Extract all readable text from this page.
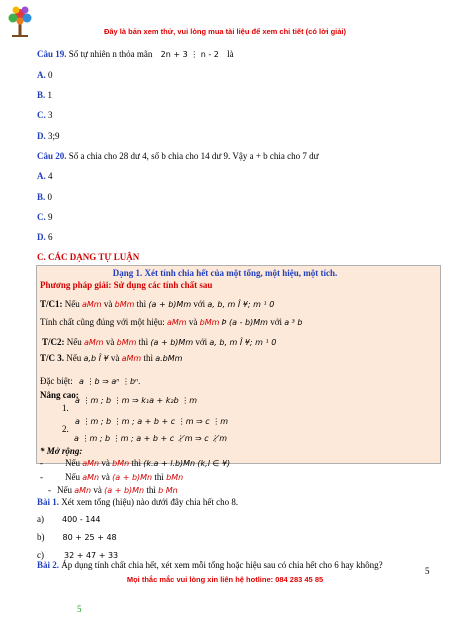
Đây là bản xem thử, vui lòng mua tài liệu để xem chi tiết (có lời giải)
Câu 19. Số tự nhiên n thỏa mãn 2n + 3 ⋮ n - 2 là
A. 0
B. 1
C. 3
D. 3;9
Câu 20. Số a chia cho 28 dư 4, số b chia cho 14 dư 9. Vậy a + b chia cho 7 dư
A. 4
B. 0
C. 9
D. 6
C. CÁC DẠNG TỰ LUẬN
Dạng 1. Xét tính chia hết của một tổng, một hiệu, một tích.
Phương pháp giải: Sử dụng các tính chất sau
T/C1: Nếu aMm và bMm thì (a + b)Mm với a, b, m Î ¥; m ¹ 0
Tính chất cũng đúng với một hiệu: aMm và bMm Þ (a - b)Mm với a ³ b
T/C2: Nếu aMm và bMm thì (a + b)Mm với a, b, m Î ¥; m ¹ 0
T/C 3. Nếu a,b Î ¥ và aMm thì a.bMm
Đặc biệt: a ⋮b ⇒ aⁿ ⋮bⁿ.
Nâng cao:
1. a ⋮m ; b ⋮m ⇒ k₁a + k₂b ⋮m
2. a ⋮m ; b ⋮m ; a + b + c ⋮m ⇒ c ⋮m
a ⋮m ; b ⋮m ; a + b + c ⋮̸m ⇒ c ⋮̸m
* Mở rộng:
- Nếu aMn và bMn thì (k.a + l.b)Mn (k,l ∈ ¥)
- Nếu aMn và (a + b)Mn thì bMn
- Nếu aMn và (a + b)Mn thì b Mn
Bài 1. Xét xem tổng (hiệu) nào dưới đây chia hết cho 8.
a) 400 - 144
b) 80 + 25 + 48
c)	32 + 47 + 33
Bài 2. Áp dụng tính chất chia hết, xét xem mỗi tổng hoặc hiệu sau có chia hết cho 6 hay không?
5
Mọi thắc mắc vui lòng xin liên hệ hotline: 084 283 45 85
5
